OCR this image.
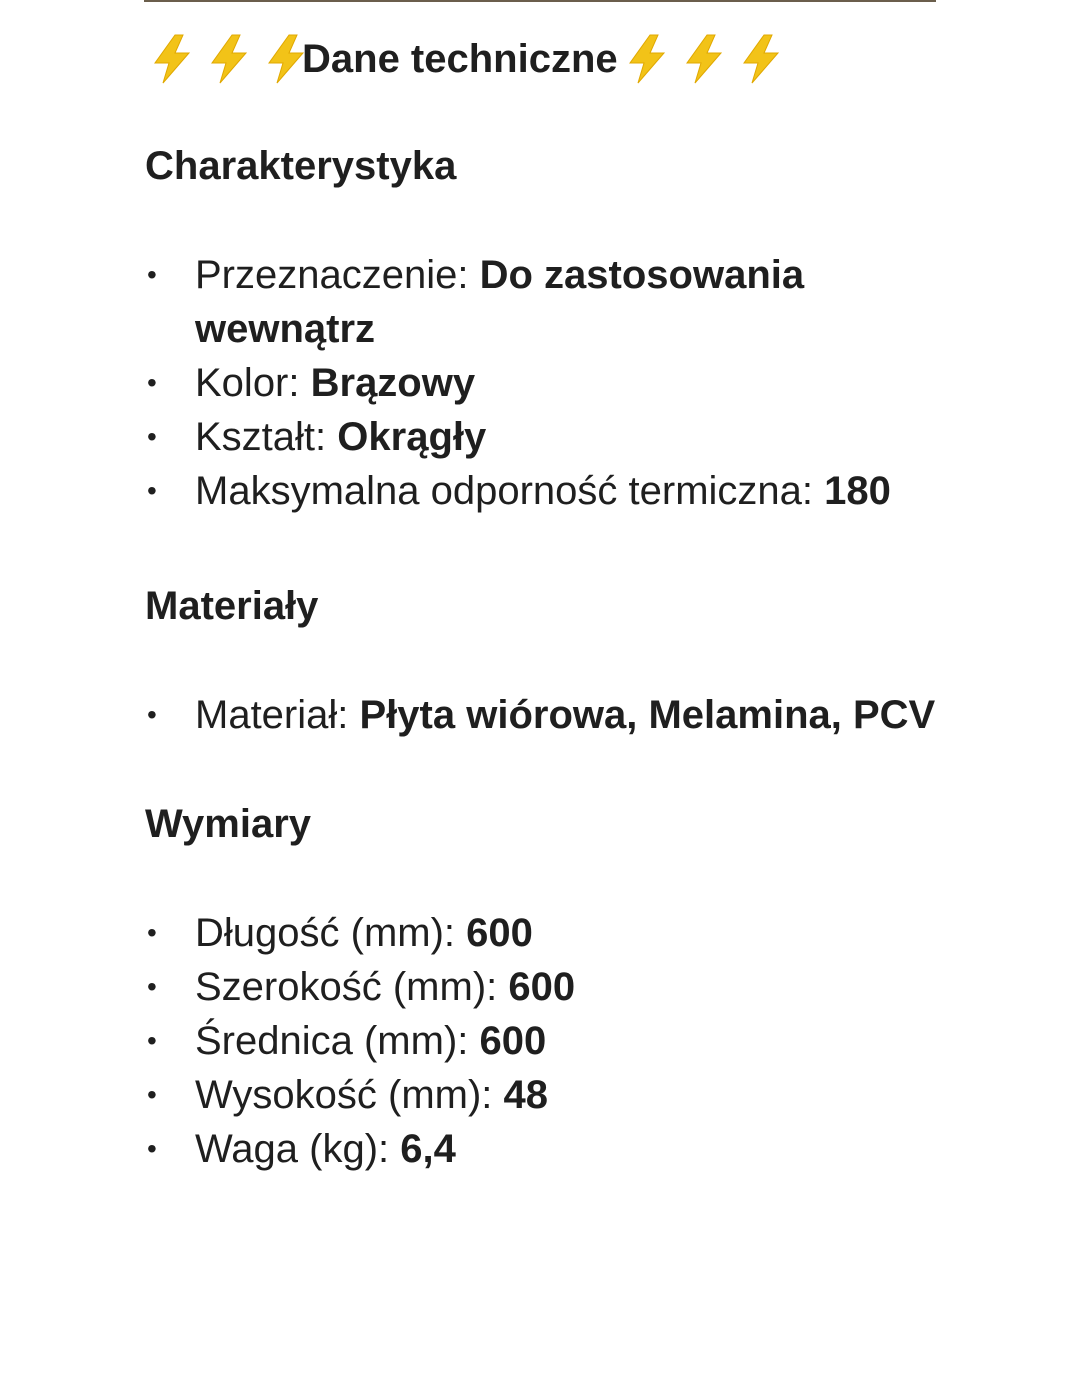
Dane techniczne
Charakterystyka
• Przeznaczenie: Do zastosowania wewnątrz
• Kolor: Brązowy
• Kształt: Okrągły
• Maksymalna odporność termiczna: 180
Materiały
• Materiał: Płyta wiórowa, Melamina, PCV
Wymiary
• Długość (mm): 600
• Szerokość (mm): 600
• Średnica (mm): 600
• Wysokość (mm): 48
• Waga (kg): 6,4
